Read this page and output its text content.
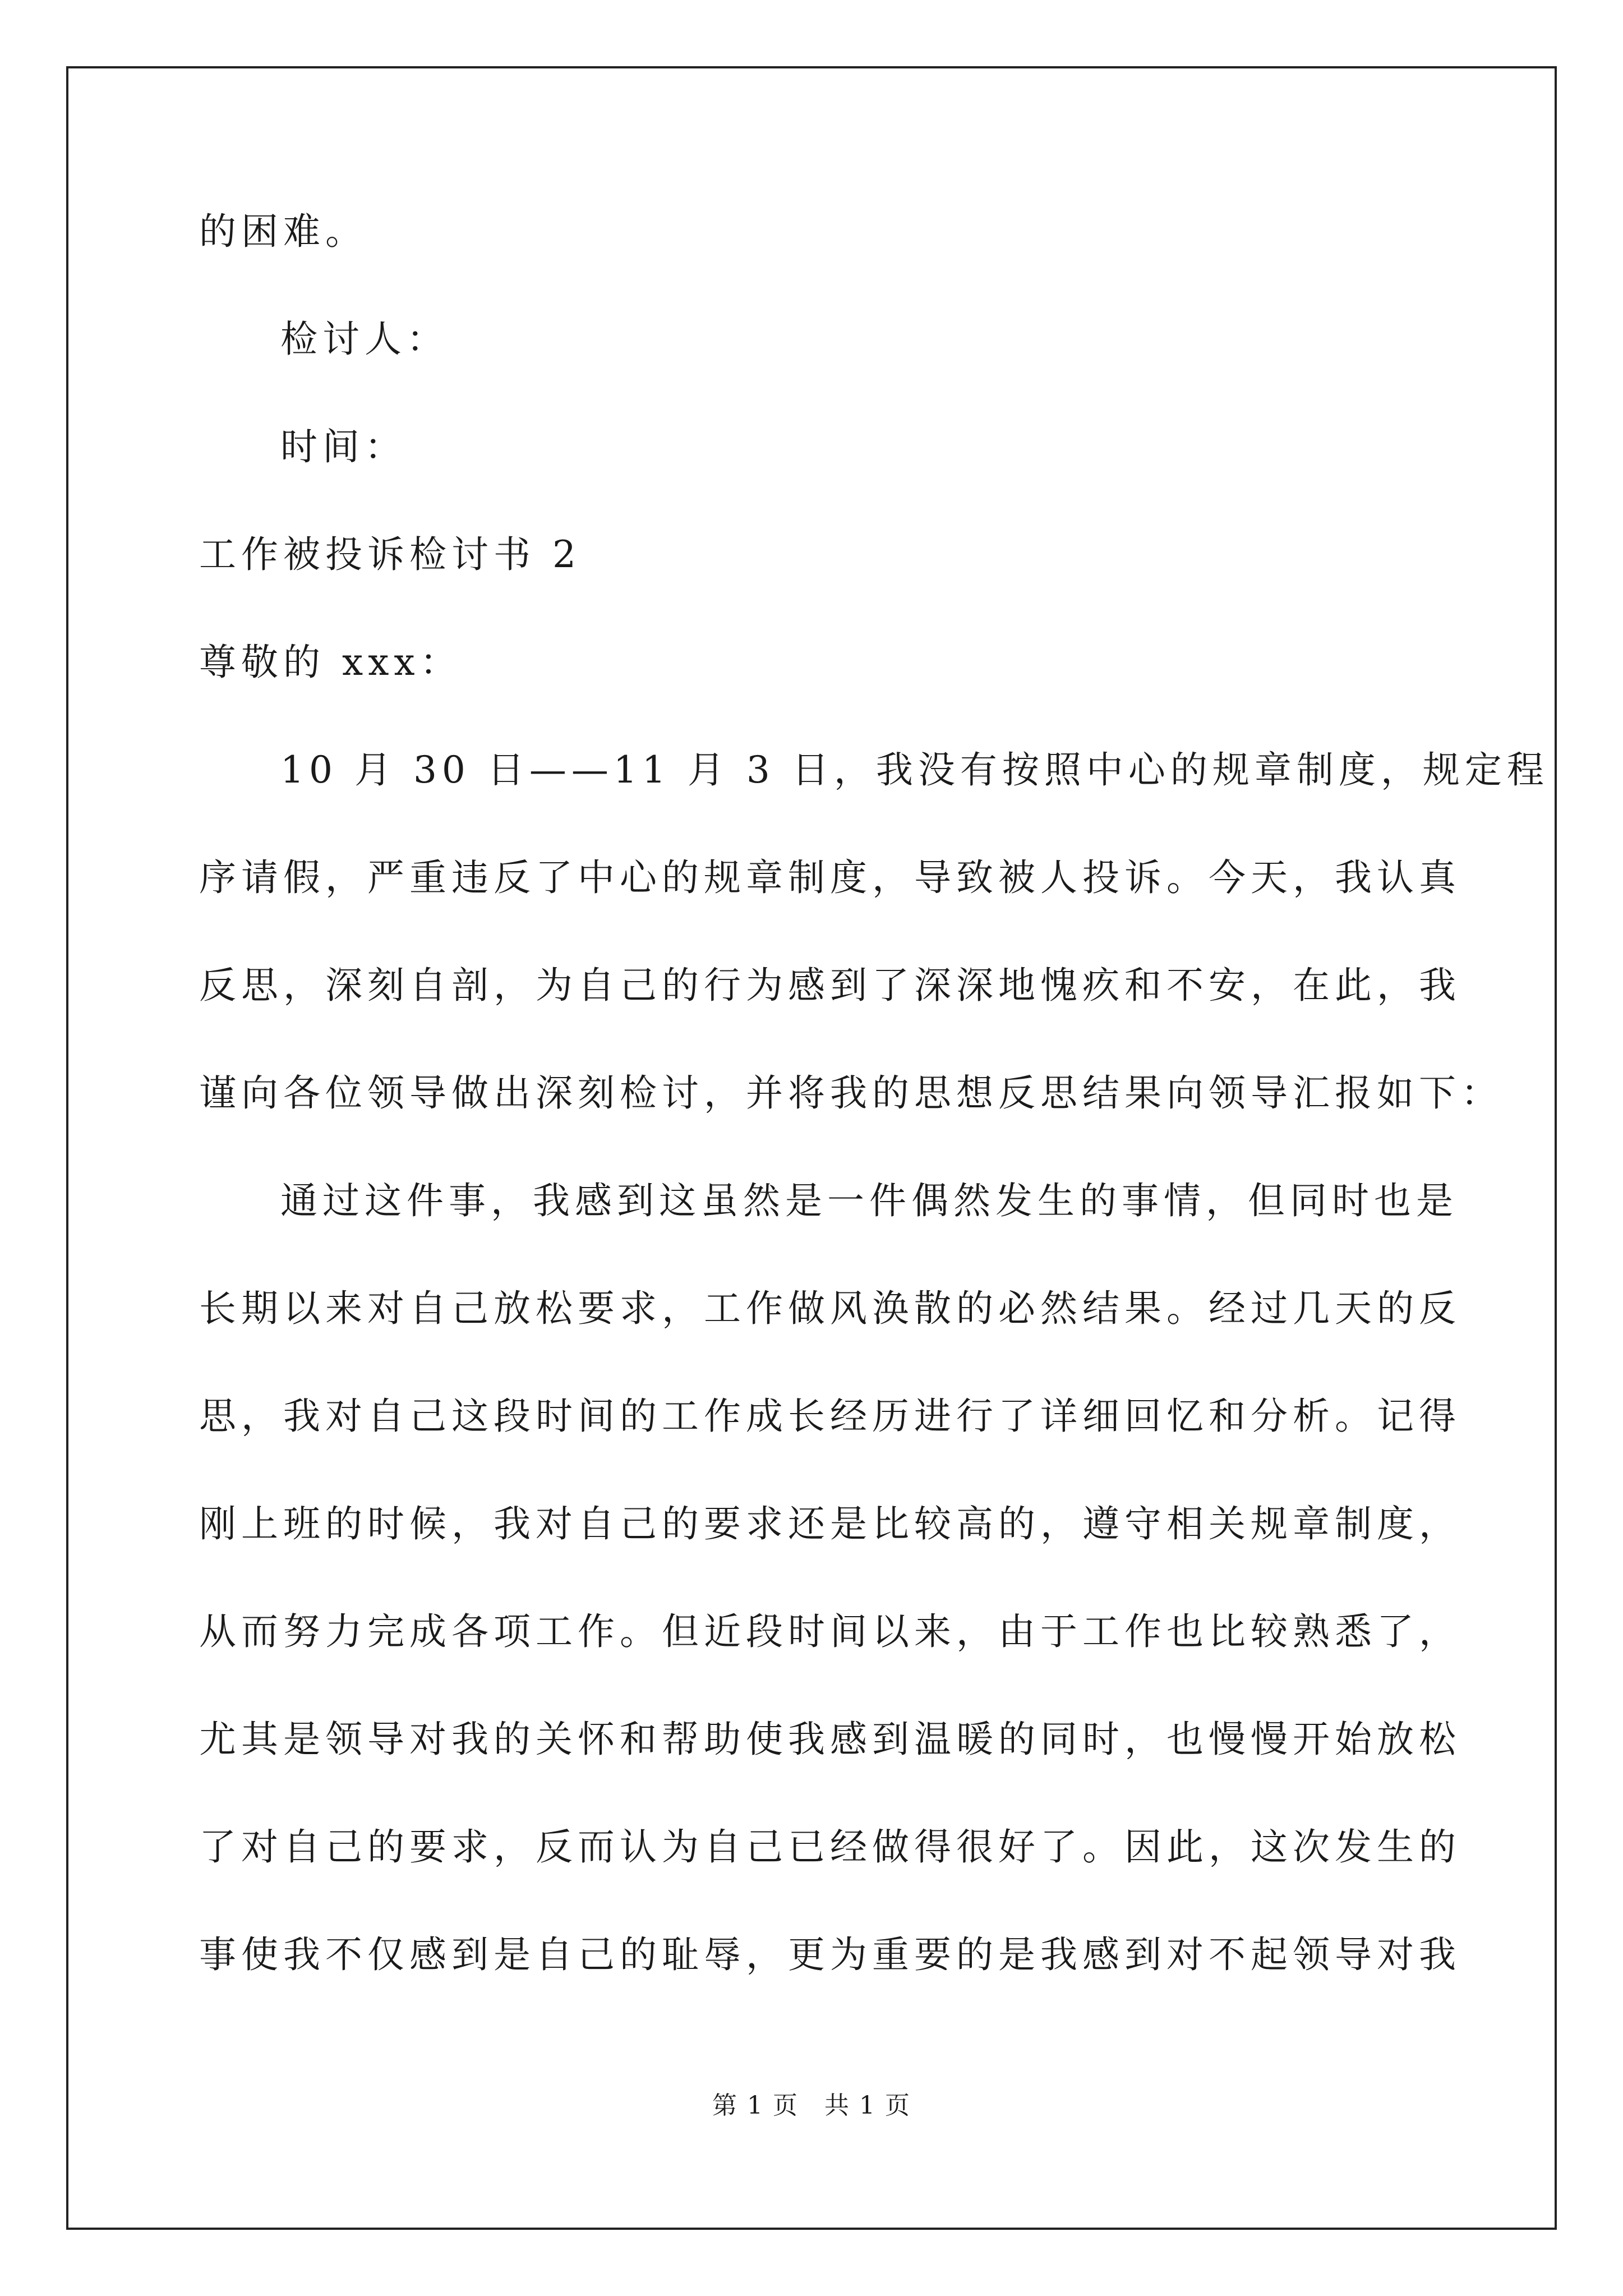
的困难。
检讨人：
时间：
工作被投诉检讨书 2
尊敬的 xxx：
10 月 30 日——11 月 3 日，我没有按照中心的规章制度，规定程
序请假，严重违反了中心的规章制度，导致被人投诉。今天，我认真
反思，深刻自剖，为自己的行为感到了深深地愧疚和不安，在此，我
谨向各位领导做出深刻检讨，并将我的思想反思结果向领导汇报如下：
通过这件事，我感到这虽然是一件偶然发生的事情，但同时也是
长期以来对自己放松要求，工作做风涣散的必然结果。经过几天的反
思，我对自己这段时间的工作成长经历进行了详细回忆和分析。记得
刚上班的时候，我对自己的要求还是比较高的，遵守相关规章制度，
从而努力完成各项工作。但近段时间以来，由于工作也比较熟悉了，
尤其是领导对我的关怀和帮助使我感到温暖的同时，也慢慢开始放松
了对自己的要求，反而认为自己已经做得很好了。因此，这次发生的
事使我不仅感到是自己的耻辱，更为重要的是我感到对不起领导对我
第 1 页　共 1 页
